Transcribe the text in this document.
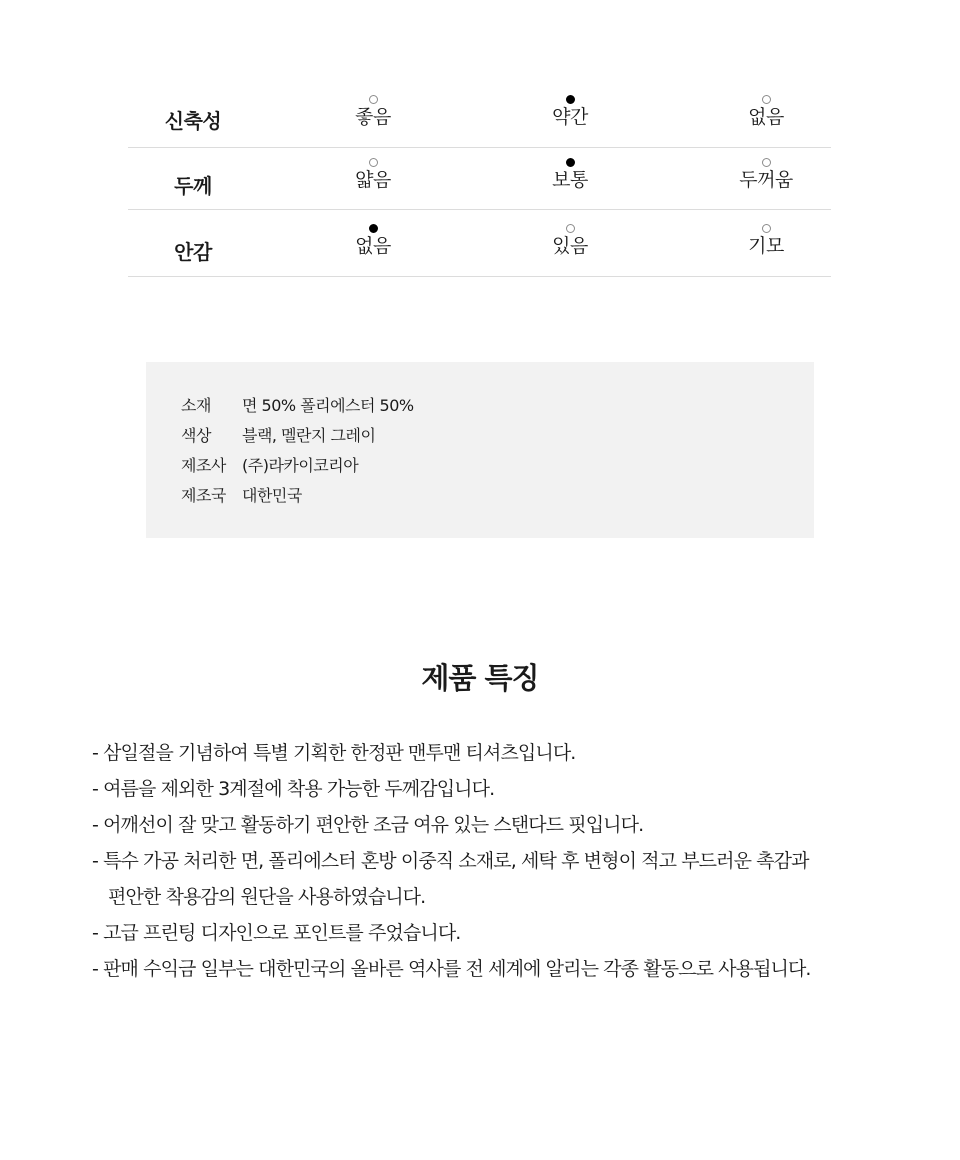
신축성	좋음	약간	없음
두께	얇음	보통	두꺼움
안감	없음	있음	기모
소재 면 50% 폴리에스터 50%
색상 블랙, 멜란지 그레이
제조사 (주)라카이코리아
제조국 대한민국
제품 특징
- 삼일절을 기념하여 특별 기획한 한정판 맨투맨 티셔츠입니다.
- 여름을 제외한 3계절에 착용 가능한 두께감입니다.
- 어깨선이 잘 맞고 활동하기 편안한 조금 여유 있는 스탠다드 핏입니다.
- 특수 가공 처리한 면, 폴리에스터 혼방 이중직 소재로, 세탁 후 변형이 적고 부드러운 촉감과
편안한 착용감의 원단을 사용하였습니다.
- 고급 프린팅 디자인으로 포인트를 주었습니다.
- 판매 수익금 일부는 대한민국의 올바른 역사를 전 세계에 알리는 각종 활동으로 사용됩니다.
